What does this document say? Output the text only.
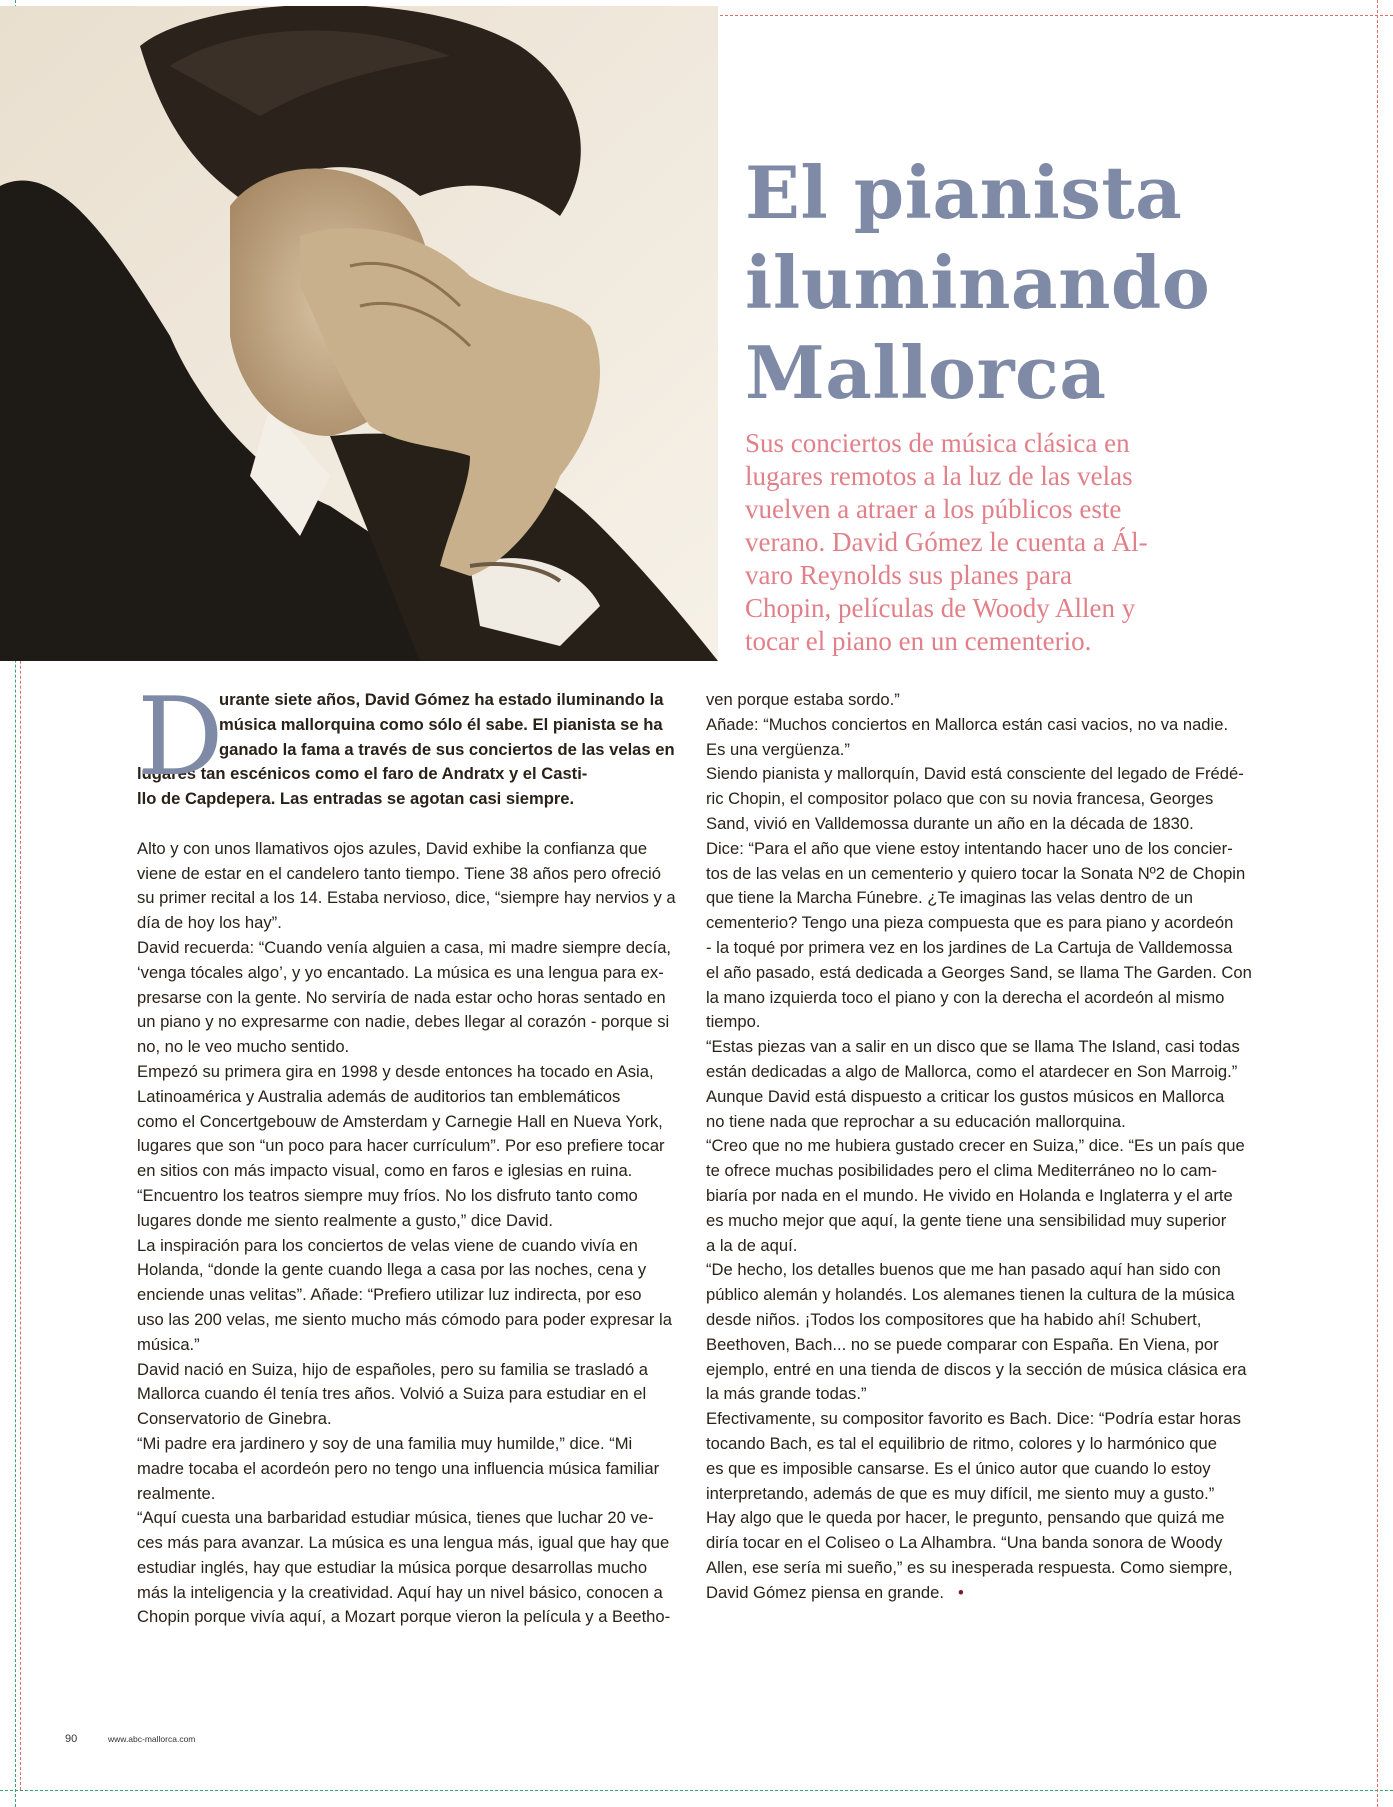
El pianista
iluminando
Mallorca

Sus conciertos de música clásica en
lugares remotos a la luz de las velas
vuelven a atraer a los públicos este
verano. David Gómez le cuenta a Ál-
varo Reynolds sus planes para
Chopin, películas de Woody Allen y
tocar el piano en un cementerio.

D
urante siete años, David Gómez ha estado iluminando la
música mallorquina como sólo él sabe. El pianista se ha
ganado la fama a través de sus conciertos de las velas en
lugares tan escénicos como el faro de Andratx y el Casti-
llo de Capdepera. Las entradas se agotan casi siempre.
Alto y con unos llamativos ojos azules, David exhibe la confianza que
viene de estar en el candelero tanto tiempo. Tiene 38 años pero ofreció
su primer recital a los 14. Estaba nervioso, dice, “siempre hay nervios y a
día de hoy los hay”.
David recuerda: “Cuando venía alguien a casa, mi madre siempre decía,
‘venga tócales algo’, y yo encantado. La música es una lengua para ex-
presarse con la gente. No serviría de nada estar ocho horas sentado en
un piano y no expresarme con nadie, debes llegar al corazón - porque si
no, no le veo mucho sentido.
Empezó su primera gira en 1998 y desde entonces ha tocado en Asia,
Latinoamérica y Australia además de auditorios tan emblemáticos
como el Concertgebouw de Amsterdam y Carnegie Hall en Nueva York,
lugares que son “un poco para hacer currículum”. Por eso prefiere tocar
en sitios con más impacto visual, como en faros e iglesias en ruina.
“Encuentro los teatros siempre muy fríos. No los disfruto tanto como
lugares donde me siento realmente a gusto,” dice David.
La inspiración para los conciertos de velas viene de cuando vivía en
Holanda, “donde la gente cuando llega a casa por las noches, cena y
enciende unas velitas”. Añade: “Prefiero utilizar luz indirecta, por eso
uso las 200 velas, me siento mucho más cómodo para poder expresar la
música.”
David nació en Suiza, hijo de españoles, pero su familia se trasladó a
Mallorca cuando él tenía tres años. Volvió a Suiza para estudiar en el
Conservatorio de Ginebra.
“Mi padre era jardinero y soy de una familia muy humilde,” dice. “Mi
madre tocaba el acordeón pero no tengo una influencia música familiar
realmente.
“Aquí cuesta una barbaridad estudiar música, tienes que luchar 20 ve-
ces más para avanzar. La música es una lengua más, igual que hay que
estudiar inglés, hay que estudiar la música porque desarrollas mucho
más la inteligencia y la creatividad. Aquí hay un nivel básico, conocen a
Chopin porque vivía aquí, a Mozart porque vieron la película y a Beetho-
ven porque estaba sordo.”
Añade: “Muchos conciertos en Mallorca están casi vacios, no va nadie.
Es una vergüenza.”
Siendo pianista y mallorquín, David está consciente del legado de Frédé-
ric Chopin, el compositor polaco que con su novia francesa, Georges
Sand, vivió en Valldemossa durante un año en la década de 1830.
Dice: “Para el año que viene estoy intentando hacer uno de los concier-
tos de las velas en un cementerio y quiero tocar la Sonata Nº2 de Chopin
que tiene la Marcha Fúnebre. ¿Te imaginas las velas dentro de un
cementerio? Tengo una pieza compuesta que es para piano y acordeón
- la toqué por primera vez en los jardines de La Cartuja de Valldemossa
el año pasado, está dedicada a Georges Sand, se llama The Garden. Con
la mano izquierda toco el piano y con la derecha el acordeón al mismo
tiempo.
“Estas piezas van a salir en un disco que se llama The Island, casi todas
están dedicadas a algo de Mallorca, como el atardecer en Son Marroig.”
Aunque David está dispuesto a criticar los gustos músicos en Mallorca
no tiene nada que reprochar a su educación mallorquina.
“Creo que no me hubiera gustado crecer en Suiza,” dice. “Es un país que
te ofrece muchas posibilidades pero el clima Mediterráneo no lo cam-
biaría por nada en el mundo. He vivido en Holanda e Inglaterra y el arte
es mucho mejor que aquí, la gente tiene una sensibilidad muy superior
a la de aquí.
“De hecho, los detalles buenos que me han pasado aquí han sido con
público alemán y holandés. Los alemanes tienen la cultura de la música
desde niños. ¡Todos los compositores que ha habido ahí! Schubert,
Beethoven, Bach... no se puede comparar con España. En Viena, por
ejemplo, entré en una tienda de discos y la sección de música clásica era
la más grande todas.”
Efectivamente, su compositor favorito es Bach. Dice: “Podría estar horas
tocando Bach, es tal el equilibrio de ritmo, colores y lo harmónico que
es que es imposible cansarse. Es el único autor que cuando lo estoy
interpretando, además de que es muy difícil, me siento muy a gusto.”
Hay algo que le queda por hacer, le pregunto, pensando que quizá me
diría tocar en el Coliseo o La Alhambra. “Una banda sonora de Woody
Allen, ese sería mi sueño,” es su inesperada respuesta. Como siempre,
David Gómez piensa en grande. •
90	www.abc-mallorca.com
